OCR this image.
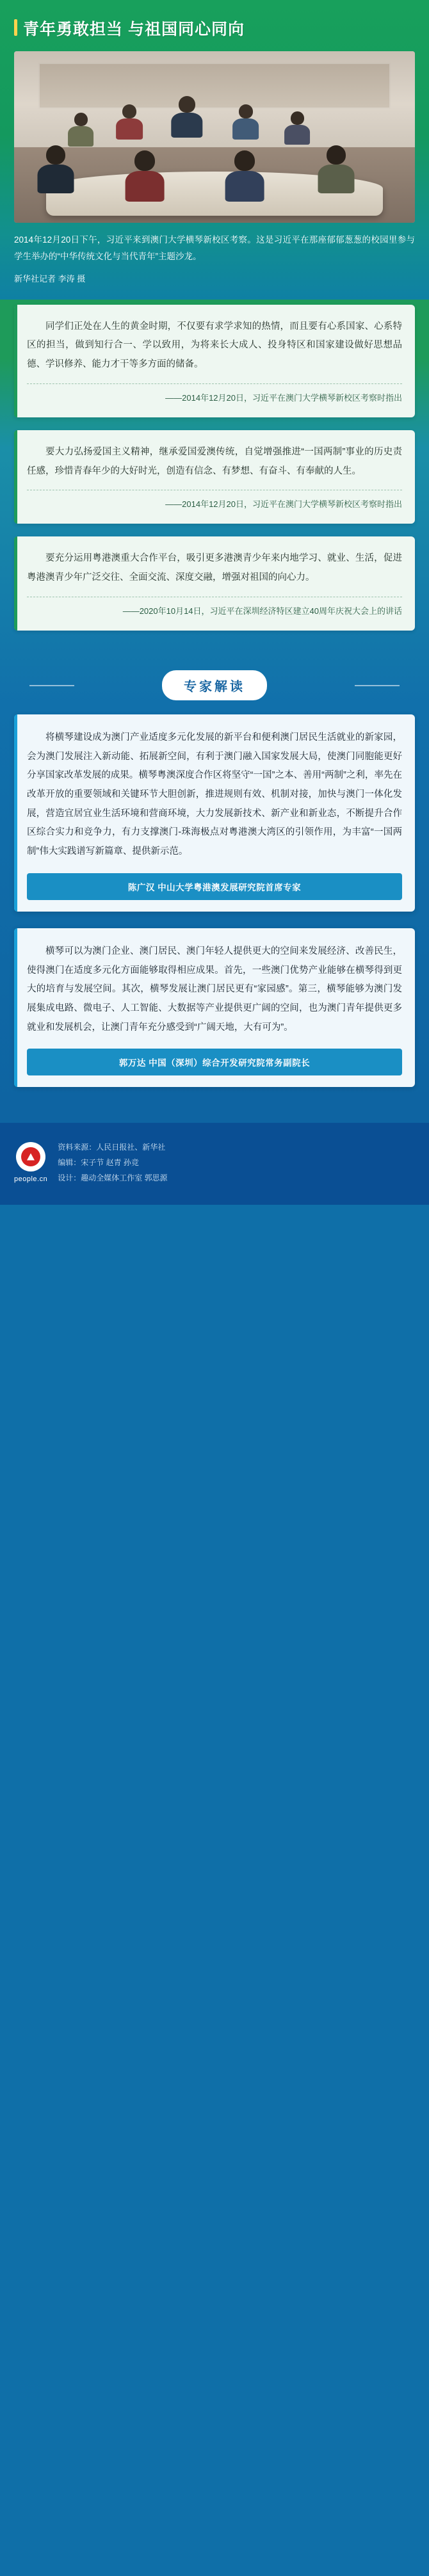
青年勇敢担当 与祖国同心同向
2014年12月20日下午，习近平来到澳门大学横琴新校区考察。这是习近平在那座郁郁葱葱的校园里参与学生举办的“中华传统文化与当代青年”主题沙龙。
新华社记者 李涛 摄
同学们正处在人生的黄金时期，不仅要有求学求知的热情，而且要有心系国家、心系特区的担当，做到知行合一、学以致用，为将来长大成人、投身特区和国家建设做好思想品德、学识修养、能力才干等多方面的储备。
——2014年12月20日，习近平在澳门大学横琴新校区考察时指出
要大力弘扬爱国主义精神，继承爱国爱澳传统，自觉增强推进“一国两制”事业的历史责任感，珍惜青春年少的大好时光，创造有信念、有梦想、有奋斗、有奉献的人生。
——2014年12月20日，习近平在澳门大学横琴新校区考察时指出
要充分运用粤港澳重大合作平台，吸引更多港澳青少年来内地学习、就业、生活，促进粤港澳青少年广泛交往、全面交流、深度交融，增强对祖国的向心力。
——2020年10月14日，习近平在深圳经济特区建立40周年庆祝大会上的讲话
专家解读
将横琴建设成为澳门产业适度多元化发展的新平台和便利澳门居民生活就业的新家园，会为澳门发展注入新动能、拓展新空间，有利于澳门融入国家发展大局，使澳门同胞能更好分享国家改革发展的成果。横琴粤澳深度合作区将坚守“一国”之本、善用“两制”之利，率先在改革开放的重要领域和关键环节大胆创新，推进规则有效、机制对接，加快与澳门一体化发展，营造宜居宜业生活环境和营商环境，大力发展新技术、新产业和新业态，不断提升合作区综合实力和竞争力，有力支撑澳门-珠海极点对粤港澳大湾区的引领作用，为丰富“一国两制”伟大实践谱写新篇章、提供新示范。
陈广汉 中山大学粤港澳发展研究院首席专家
横琴可以为澳门企业、澳门居民、澳门年轻人提供更大的空间来发展经济、改善民生，使得澳门在适度多元化方面能够取得相应成果。首先，一些澳门优势产业能够在横琴得到更大的培育与发展空间。其次，横琴发展让澳门居民更有“家园感”。第三，横琴能够为澳门发展集成电路、微电子、人工智能、大数据等产业提供更广阔的空间，也为澳门青年提供更多就业和发展机会，让澳门青年充分感受到“广阔天地，大有可为”。
郭万达 中国（深圳）综合开发研究院常务副院长
people.cn
资料来源：人民日报社、新华社
编辑：宋子节 赵青 孙竞
设计：趣动全媒体工作室 郭思源
